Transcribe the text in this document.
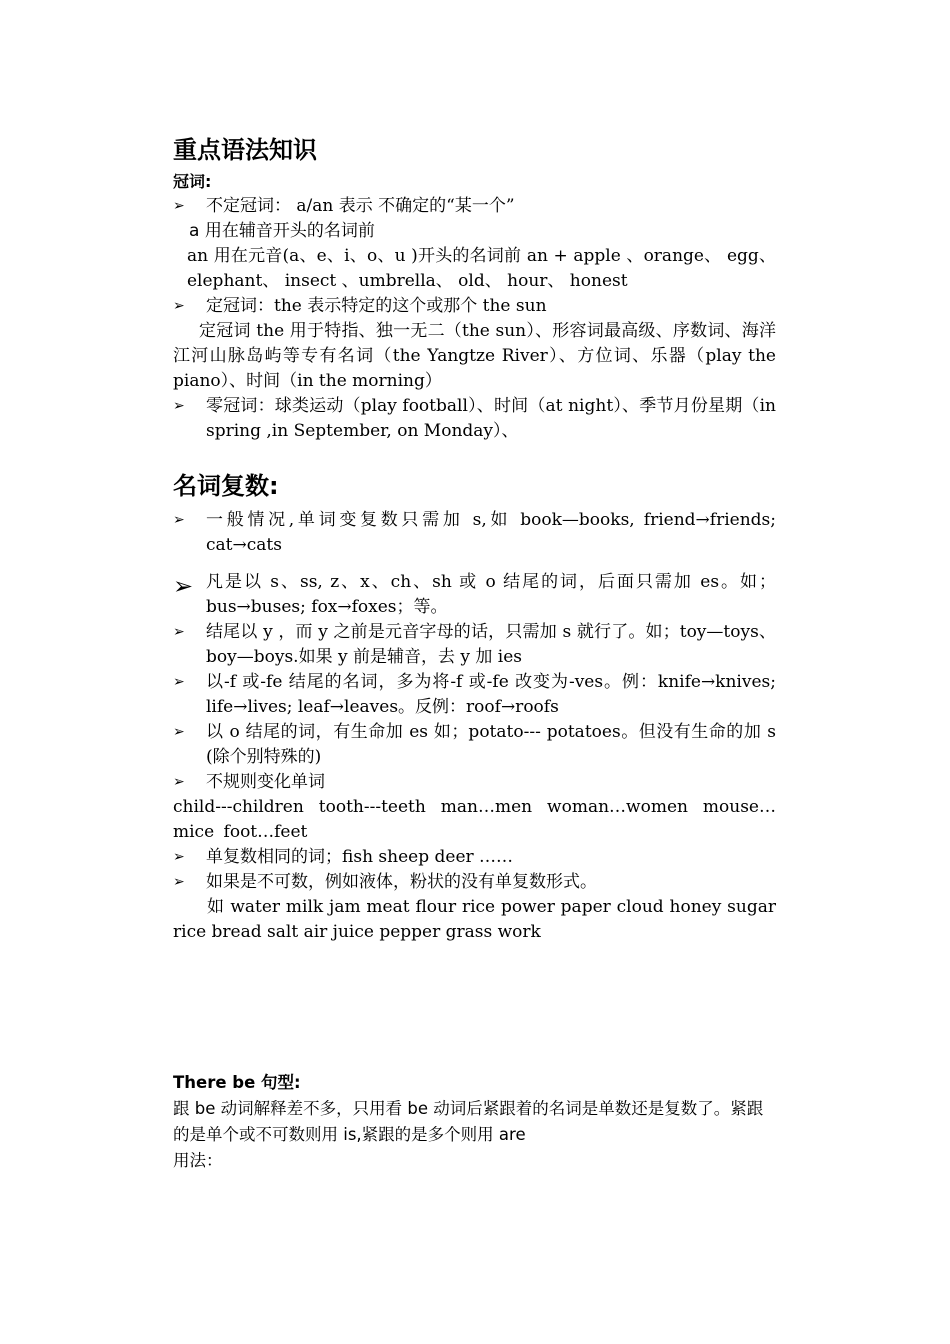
重点语法知识
冠词:
➢ 不定冠词： a/an 表示 不确定的“某一个”
a 用在辅音开头的名词前
an 用在元音(a、e、i、o、u )开头的名词前 an + apple 、orange、 egg、 elephant、 insect 、umbrella、 old、 hour、 honest
➢ 定冠词：the 表示特定的这个或那个 the sun
定冠词 the 用于特指、独一无二（the sun）、形容词最高级、序数词、海洋江河山脉岛屿等专有名词（the Yangtze River）、方位词、乐器（play the piano）、时间（in the morning）
➢ 零冠词：球类运动（play football）、时间（at night）、季节月份星期（in spring ,in September, on Monday）、
名词复数:
➢ 一般情况,单词变复数只需加 s,如 book—books, friend→friends; cat→cats
➢ 凡是以 s、ss, z、x、ch、sh 或 o 结尾的词，后面只需加 es。如；bus→buses; fox→foxes；等。
➢ 结尾以 y ，而 y 之前是元音字母的话，只需加 s 就行了。如；toy—toys、boy—boys.如果 y 前是辅音，去 y 加 ies
➢ 以-f 或-fe 结尾的名词，多为将-f 或-fe 改变为-ves。例：knife→knives; life→lives; leaf→leaves。反例：roof→roofs
➢ 以 o 结尾的词，有生命加 es 如；potato--- potatoes。但没有生命的加 s (除个别特殊的)
➢ 不规则变化单词
child---children tooth---teeth man…men woman…women mouse…mice foot…feet
➢ 单复数相同的词；fish sheep deer ……
➢ 如果是不可数，例如液体，粉状的没有单复数形式。
如 water milk jam meat flour rice power paper cloud honey sugar rice bread salt air juice pepper grass work
There be 句型:
跟 be 动词解释差不多，只用看 be 动词后紧跟着的名词是单数还是复数了。紧跟的是单个或不可数则用 is,紧跟的是多个则用 are
用法：
